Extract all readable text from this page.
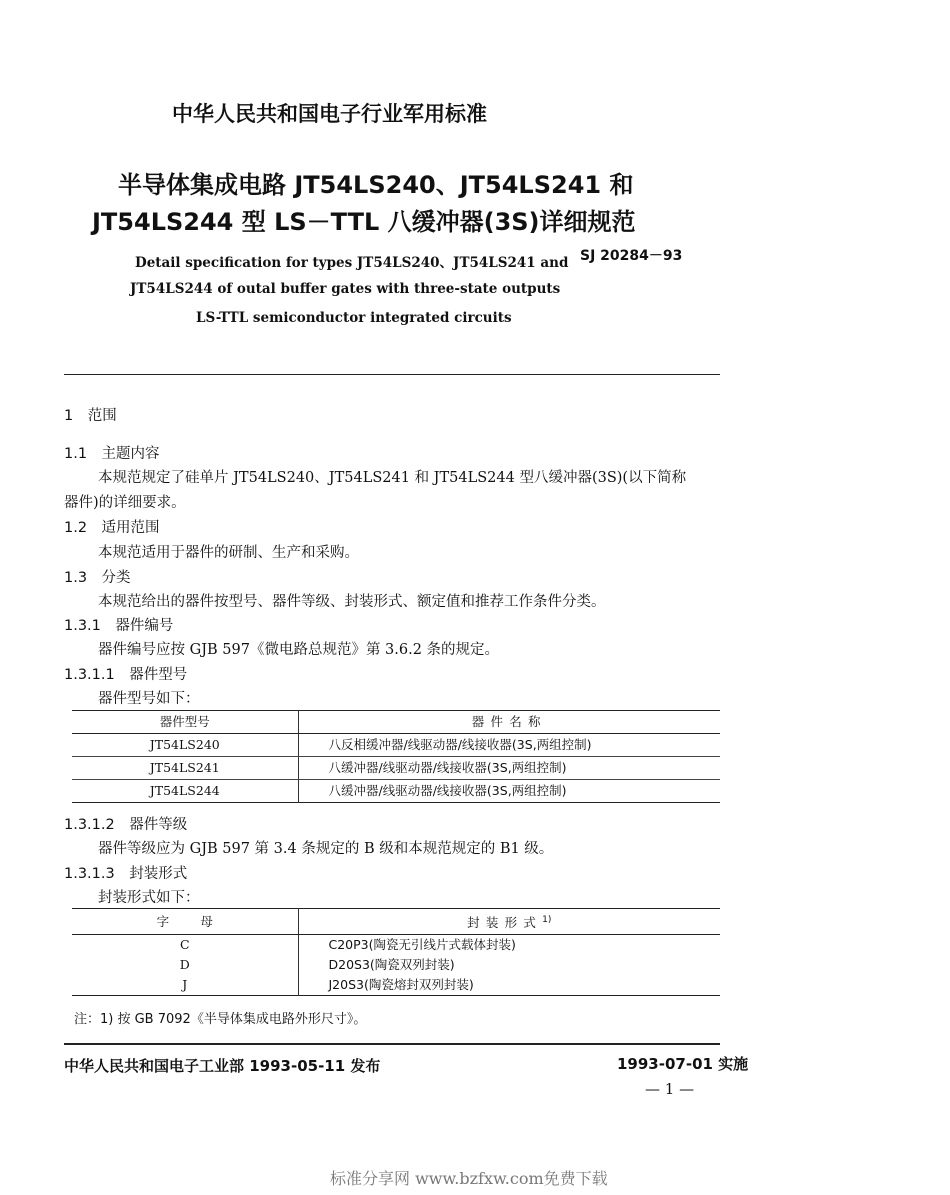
中华人民共和国电子行业军用标准
半导体集成电路 JT54LS240、JT54LS241 和
JT54LS244 型 LS－TTL 八缓冲器(3S)详细规范
Detail specification for types JT54LS240、JT54LS241 and
JT54LS244 of outal buffer gates with three-state outputs
LS-TTL semiconductor integrated circuits
SJ 20284－93
1　范围
1.1　主题内容
本规范规定了硅单片 JT54LS240、JT54LS241 和 JT54LS244 型八缓冲器(3S)(以下简称
器件)的详细要求。
1.2　适用范围
本规范适用于器件的研制、生产和采购。
1.3　分类
本规范给出的器件按型号、器件等级、封装形式、额定值和推荐工作条件分类。
1.3.1　器件编号
器件编号应按 GJB 597《微电路总规范》第 3.6.2 条的规定。
1.3.1.1　器件型号
器件型号如下：
器件型号	器件名称
JT54LS240	八反相缓冲器/线驱动器/线接收器(3S,两组控制)
JT54LS241	八缓冲器/线驱动器/线接收器(3S,两组控制)
JT54LS244	八缓冲器/线驱动器/线接收器(3S,两组控制)
1.3.1.2　器件等级
器件等级应为 GJB 597 第 3.4 条规定的 B 级和本规范规定的 B1 级。
1.3.1.3　封装形式
封装形式如下：
字母	封装形式$^{1)}$
C	C20P3(陶瓷无引线片式载体封装)
D	D20S3(陶瓷双列封装)
J	J20S3(陶瓷熔封双列封装)
注：1) 按 GB 7092《半导体集成电路外形尺寸》。
中华人民共和国电子工业部 1993-05-11 发布	1993-07-01 实施
— 1 —
标准分享网 www.bzfxw.com免费下载
